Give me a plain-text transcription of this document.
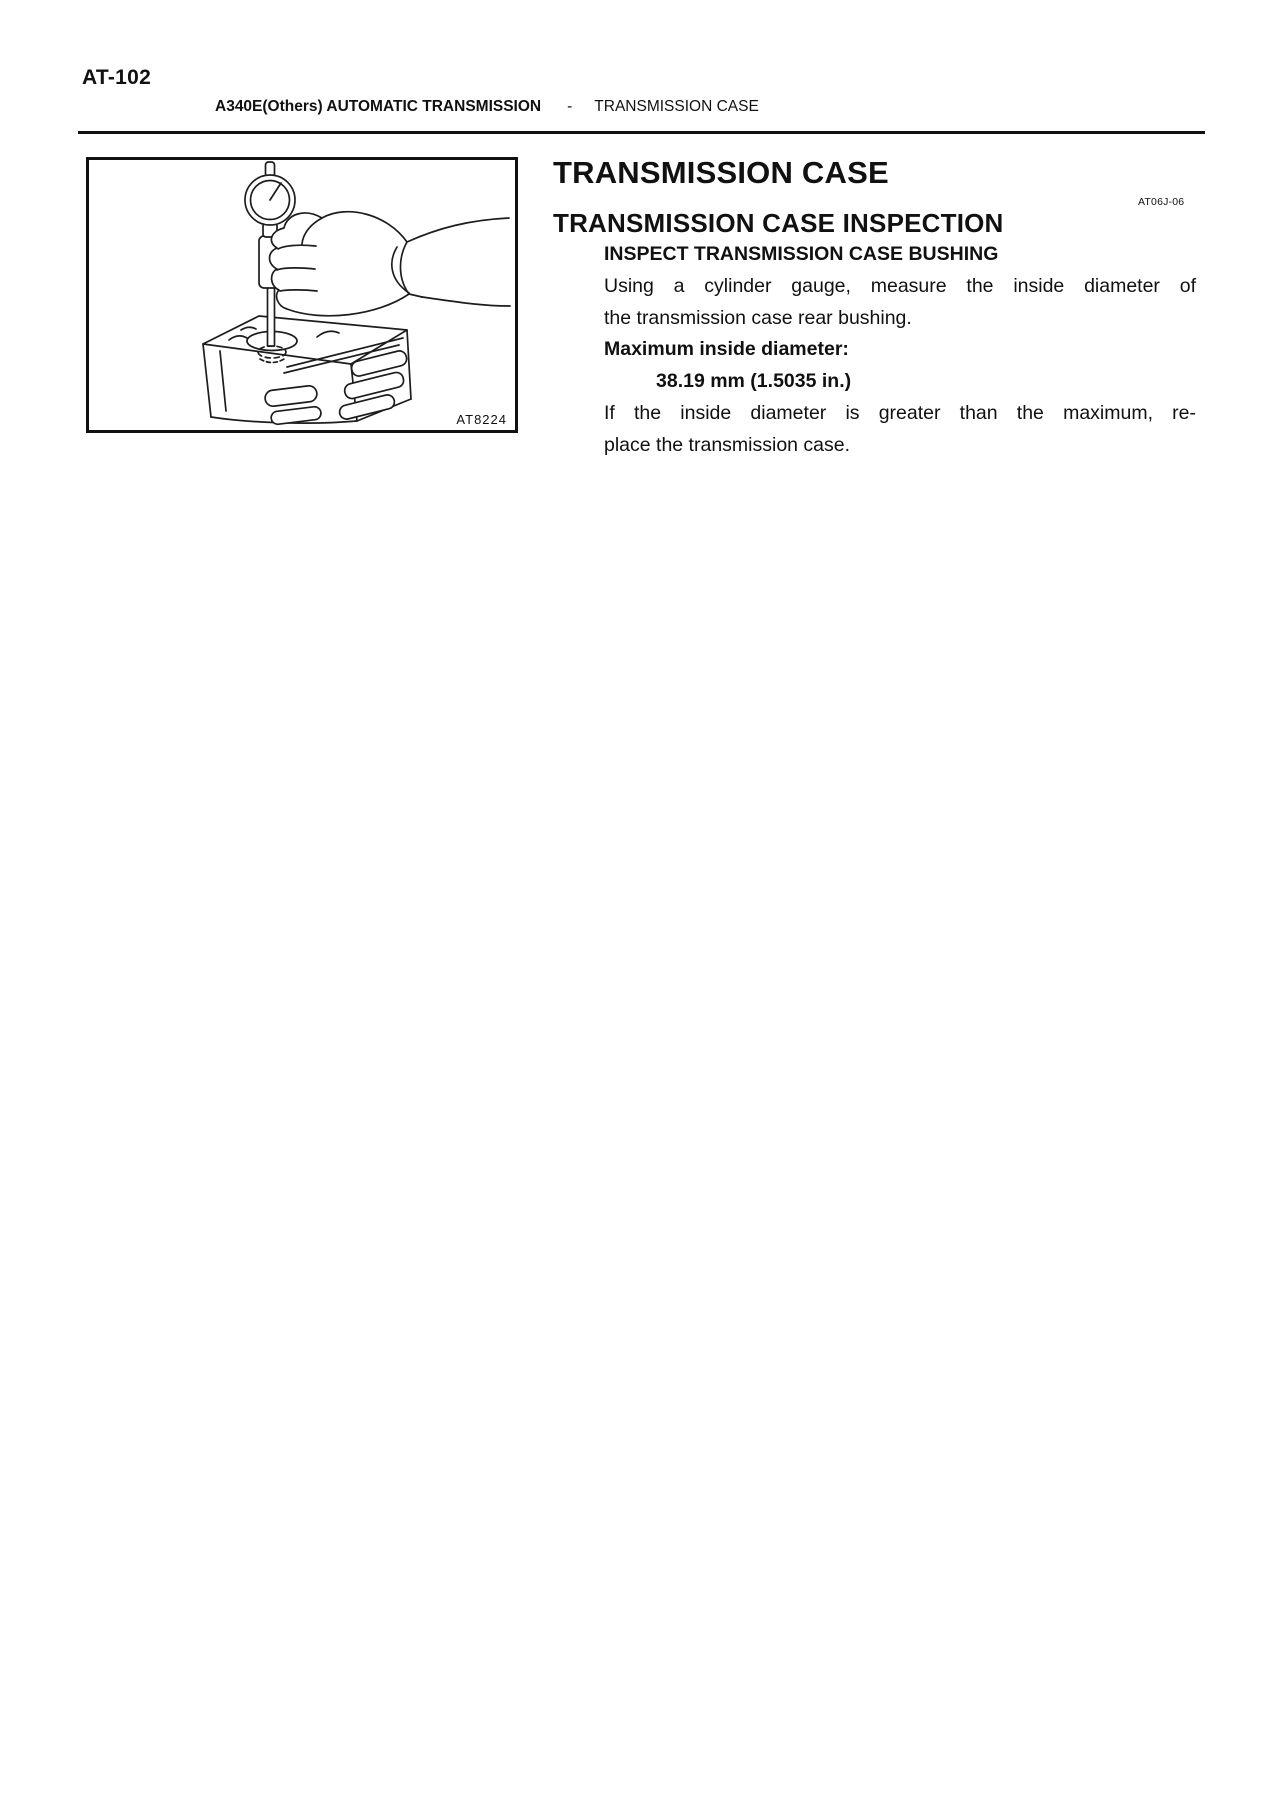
AT-102
A340E(Others) AUTOMATIC TRANSMISSION - TRANSMISSION CASE
AT8224
TRANSMISSION CASE
AT06J-06
TRANSMISSION CASE INSPECTION
INSPECT TRANSMISSION CASE BUSHING
Using a cylinder gauge, measure the inside diameter of
the transmission case rear bushing.
Maximum inside diameter:
38.19 mm (1.5035 in.)
If the inside diameter is greater than the maximum, re-
place the transmission case.
